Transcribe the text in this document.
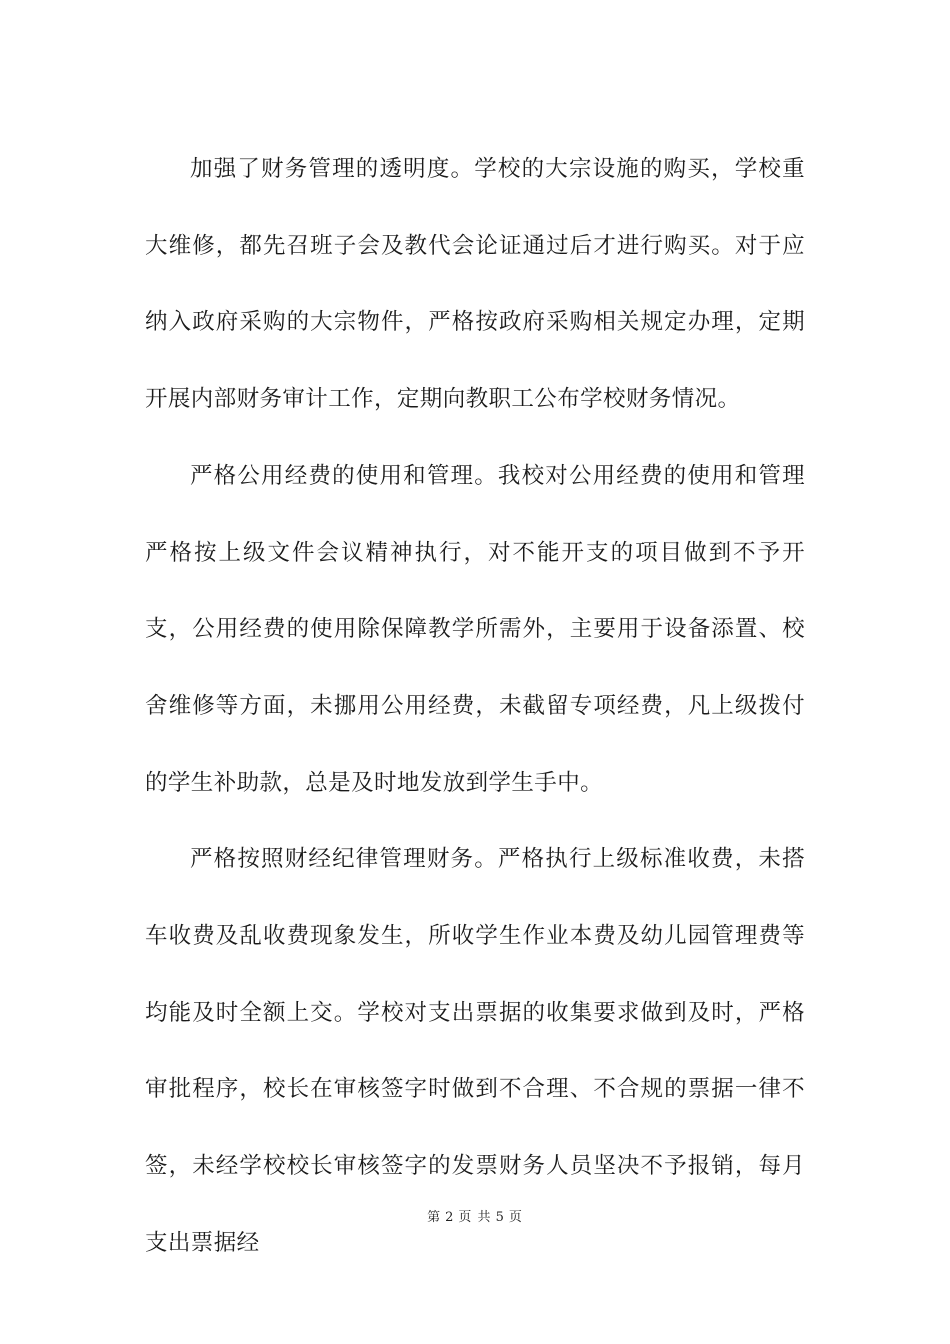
加强了财务管理的透明度。学校的大宗设施的购买，学校重大维修，都先召班子会及教代会论证通过后才进行购买。对于应纳入政府采购的大宗物件，严格按政府采购相关规定办理，定期开展内部财务审计工作，定期向教职工公布学校财务情况。

严格公用经费的使用和管理。我校对公用经费的使用和管理严格按上级文件会议精神执行，对不能开支的项目做到不予开支，公用经费的使用除保障教学所需外，主要用于设备添置、校舍维修等方面，未挪用公用经费，未截留专项经费，凡上级拨付的学生补助款，总是及时地发放到学生手中。

严格按照财经纪律管理财务。严格执行上级标准收费，未搭车收费及乱收费现象发生，所收学生作业本费及幼儿园管理费等均能及时全额上交。学校对支出票据的收集要求做到及时，严格审批程序，校长在审核签字时做到不合理、不合规的票据一律不签，未经学校校长审核签字的发票财务人员坚决不予报销，每月支出票据经

第 2 页 共 5 页
